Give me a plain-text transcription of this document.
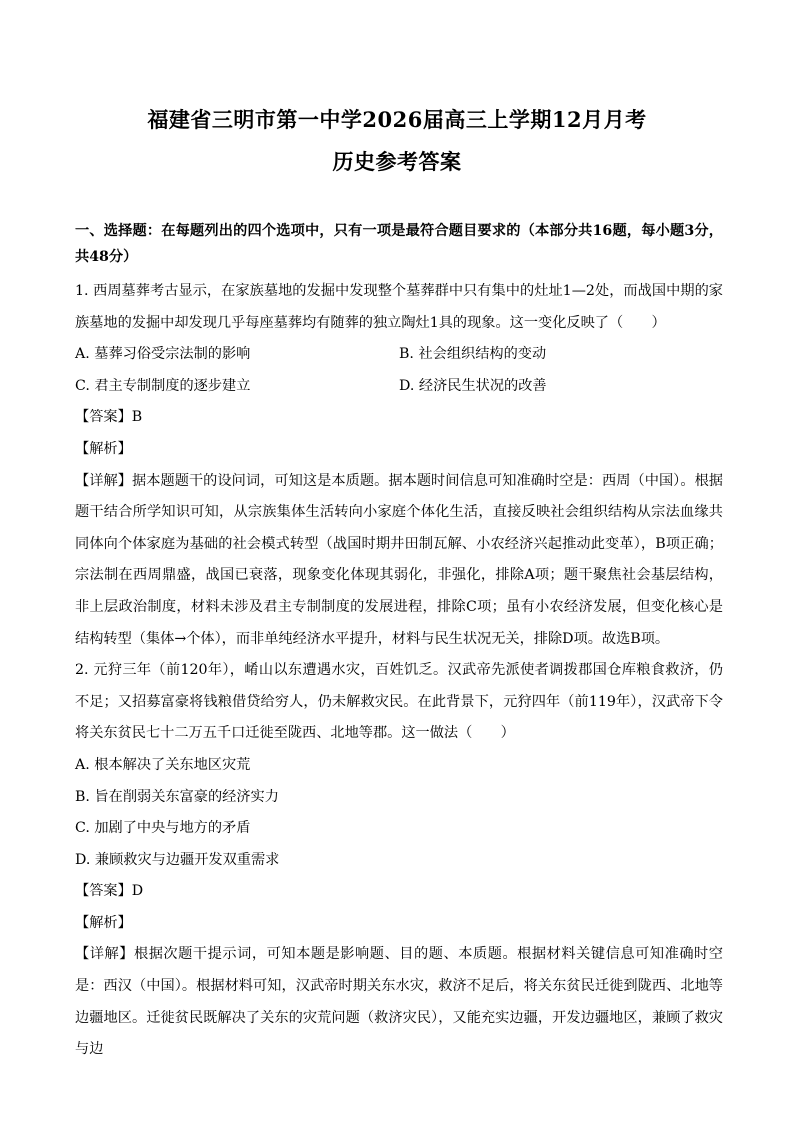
福建省三明市第一中学2026届高三上学期12月月考
历史参考答案

一、选择题：在每题列出的四个选项中，只有一项是最符合题目要求的（本部分共16题，每小题3分，共48分）

1. 西周墓葬考古显示，在家族墓地的发掘中发现整个墓葬群中只有集中的灶址1—2处，而战国中期的家族墓地的发掘中却发现几乎每座墓葬均有随葬的独立陶灶1具的现象。这一变化反映了（　　）

A. 墓葬习俗受宗法制的影响	B. 社会组织结构的变动
C. 君主专制制度的逐步建立	D. 经济民生状况的改善

【答案】B

【解析】

【详解】据本题题干的设问词，可知这是本质题。据本题时间信息可知准确时空是：西周（中国）。根据题干结合所学知识可知，从宗族集体生活转向小家庭个体化生活，直接反映社会组织结构从宗法血缘共同体向个体家庭为基础的社会模式转型（战国时期井田制瓦解、小农经济兴起推动此变革），B项正确；宗法制在西周鼎盛，战国已衰落，现象变化体现其弱化，非强化，排除A项；题干聚焦社会基层结构，非上层政治制度，材料未涉及君主专制制度的发展进程，排除C项；虽有小农经济发展，但变化核心是结构转型（集体→个体），而非单纯经济水平提升，材料与民生状况无关，排除D项。故选B项。

2. 元狩三年（前120年），崤山以东遭遇水灾，百姓饥乏。汉武帝先派使者调拨郡国仓库粮食救济，仍不足；又招募富豪将钱粮借贷给穷人，仍未解救灾民。在此背景下，元狩四年（前119年），汉武帝下令将关东贫民七十二万五千口迁徙至陇西、北地等郡。这一做法（　　）

A. 根本解决了关东地区灾荒

B. 旨在削弱关东富豪的经济实力

C. 加剧了中央与地方的矛盾

D. 兼顾救灾与边疆开发双重需求

【答案】D

【解析】

【详解】根据次题干提示词，可知本题是影响题、目的题、本质题。根据材料关键信息可知准确时空是：西汉（中国）。根据材料可知，汉武帝时期关东水灾，救济不足后，将关东贫民迁徙到陇西、北地等边疆地区。迁徙贫民既解决了关东的灾荒问题（救济灾民），又能充实边疆，开发边疆地区，兼顾了救灾与边
